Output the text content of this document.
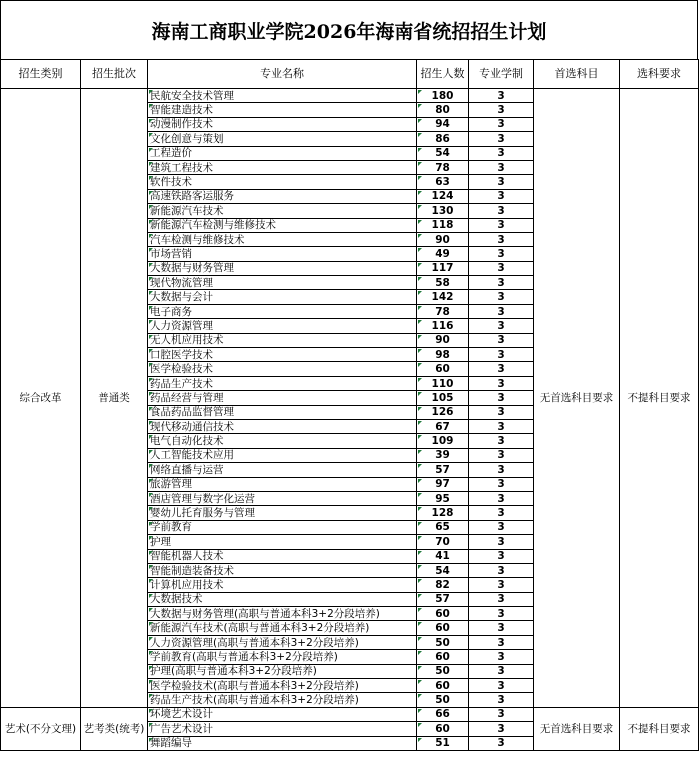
海南工商职业学院2026年海南省统招招生计划
招生类别	招生批次	专业名称	招生人数	专业学制	首选科目	选科要求
综合改革	普通类	民航安全技术管理	180	3	无首选科目要求	不提科目要求
		智能建造技术	80	3		
		动漫制作技术	94	3		
		文化创意与策划	86	3		
		工程造价	54	3		
		建筑工程技术	78	3		
		软件技术	63	3		
		高速铁路客运服务	124	3		
		新能源汽车技术	130	3		
		新能源汽车检测与维修技术	118	3		
		汽车检测与维修技术	90	3		
		市场营销	49	3		
		大数据与财务管理	117	3		
		现代物流管理	58	3		
		大数据与会计	142	3		
		电子商务	78	3		
		人力资源管理	116	3		
		无人机应用技术	90	3		
		口腔医学技术	98	3		
		医学检验技术	60	3		
		药品生产技术	110	3		
		药品经营与管理	105	3		
		食品药品监督管理	126	3		
		现代移动通信技术	67	3		
		电气自动化技术	109	3		
		人工智能技术应用	39	3		
		网络直播与运营	57	3		
		旅游管理	97	3		
		酒店管理与数字化运营	95	3		
		婴幼儿托育服务与管理	128	3		
		学前教育	65	3		
		护理	70	3		
		智能机器人技术	41	3		
		智能制造装备技术	54	3		
		计算机应用技术	82	3		
		大数据技术	57	3		
		大数据与财务管理(高职与普通本科3+2分段培养)	60	3		
		新能源汽车技术(高职与普通本科3+2分段培养)	60	3		
		人力资源管理(高职与普通本科3+2分段培养)	50	3		
		学前教育(高职与普通本科3+2分段培养)	60	3		
		护理(高职与普通本科3+2分段培养)	50	3		
		医学检验技术(高职与普通本科3+2分段培养)	60	3		
		药品生产技术(高职与普通本科3+2分段培养)	50	3		
艺术(不分文理)	艺考类(统考)	环境艺术设计	66	3	无首选科目要求	不提科目要求
		广告艺术设计	60	3		
		舞蹈编导	51	3		
